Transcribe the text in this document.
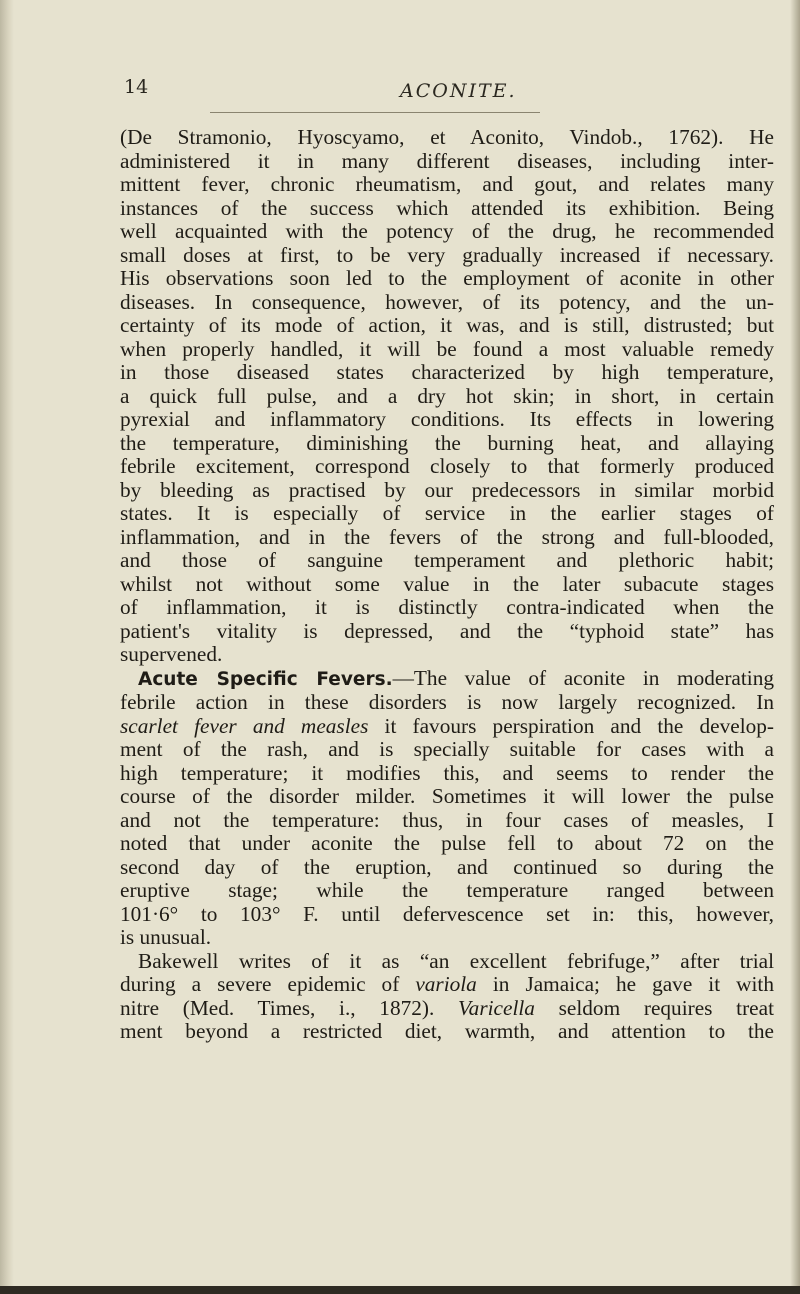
14	ACONITE.
(De Stramonio, Hyoscyamo, et Aconito, Vindob., 1762). He
administered it in many different diseases, including inter-
mittent fever, chronic rheumatism, and gout, and relates many
instances of the success which attended its exhibition. Being
well acquainted with the potency of the drug, he recommended
small doses at first, to be very gradually increased if necessary.
His observations soon led to the employment of aconite in other
diseases. In consequence, however, of its potency, and the un-
certainty of its mode of action, it was, and is still, distrusted; but
when properly handled, it will be found a most valuable remedy
in those diseased states characterized by high temperature,
a quick full pulse, and a dry hot skin; in short, in certain
pyrexial and inflammatory conditions. Its effects in lowering
the temperature, diminishing the burning heat, and allaying
febrile excitement, correspond closely to that formerly produced
by bleeding as practised by our predecessors in similar morbid
states. It is especially of service in the earlier stages of
inflammation, and in the fevers of the strong and full-blooded,
and those of sanguine temperament and plethoric habit;
whilst not without some value in the later subacute stages
of inflammation, it is distinctly contra-indicated when the
patient's vitality is depressed, and the “typhoid state” has
supervened.
Acute Specific Fevers.—The value of aconite in moderating
febrile action in these disorders is now largely recognized. In
scarlet fever and measles it favours perspiration and the develop-
ment of the rash, and is specially suitable for cases with a
high temperature; it modifies this, and seems to render the
course of the disorder milder. Sometimes it will lower the pulse
and not the temperature: thus, in four cases of measles, I
noted that under aconite the pulse fell to about 72 on the
second day of the eruption, and continued so during the
eruptive stage; while the temperature ranged between
101·6° to 103° F. until defervescence set in: this, however,
is unusual.
Bakewell writes of it as “an excellent febrifuge,” after trial
during a severe epidemic of variola in Jamaica; he gave it with
nitre (Med. Times, i., 1872). Varicella seldom requires treat
ment beyond a restricted diet, warmth, and attention to the
